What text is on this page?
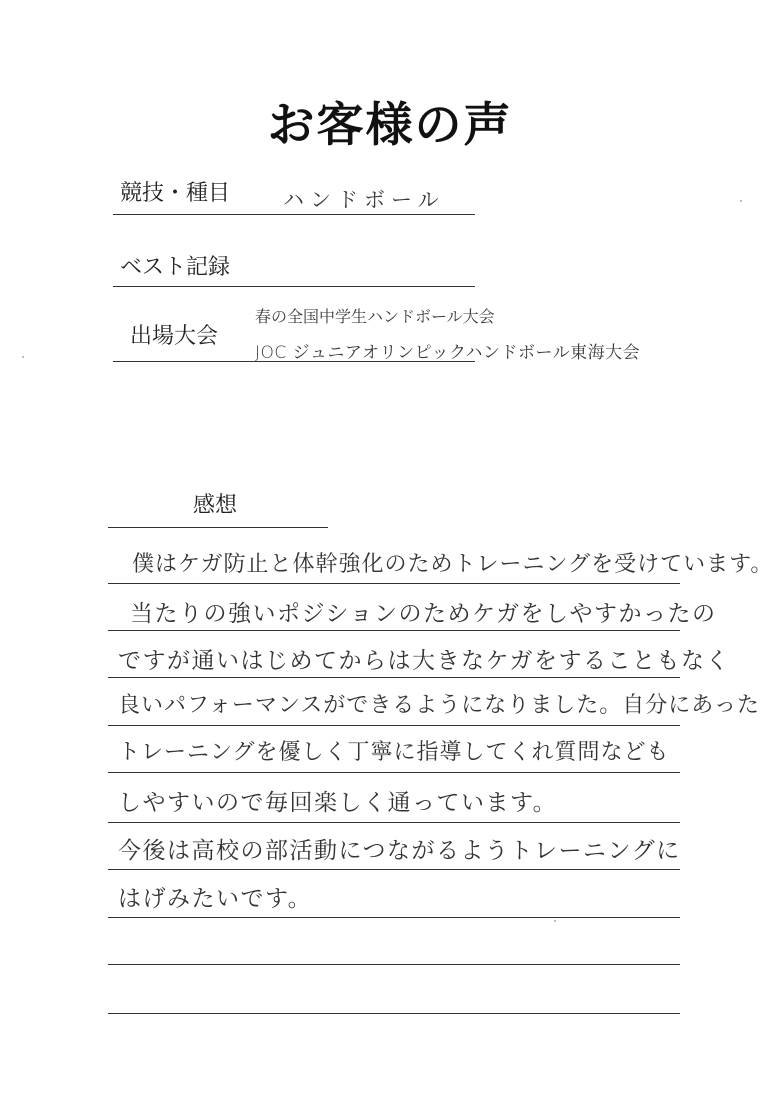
お客様の声
競技・種目	ハンドボール
ベスト記録
出場大会
春の全国中学生ハンドボール大会
JOC ジュニアオリンピックハンドボール東海大会
感想
僕はケガ防止と体幹強化のためトレーニングを受けています。
当たりの強いポジションのためケガをしやすかったの
ですが通いはじめてからは大きなケガをすることもなく
良いパフォーマンスができるようになりました。自分にあった
トレーニングを優しく丁寧に指導してくれ質問なども
しやすいので毎回楽しく通っています。
今後は高校の部活動につながるようトレーニングに
はげみたいです。
